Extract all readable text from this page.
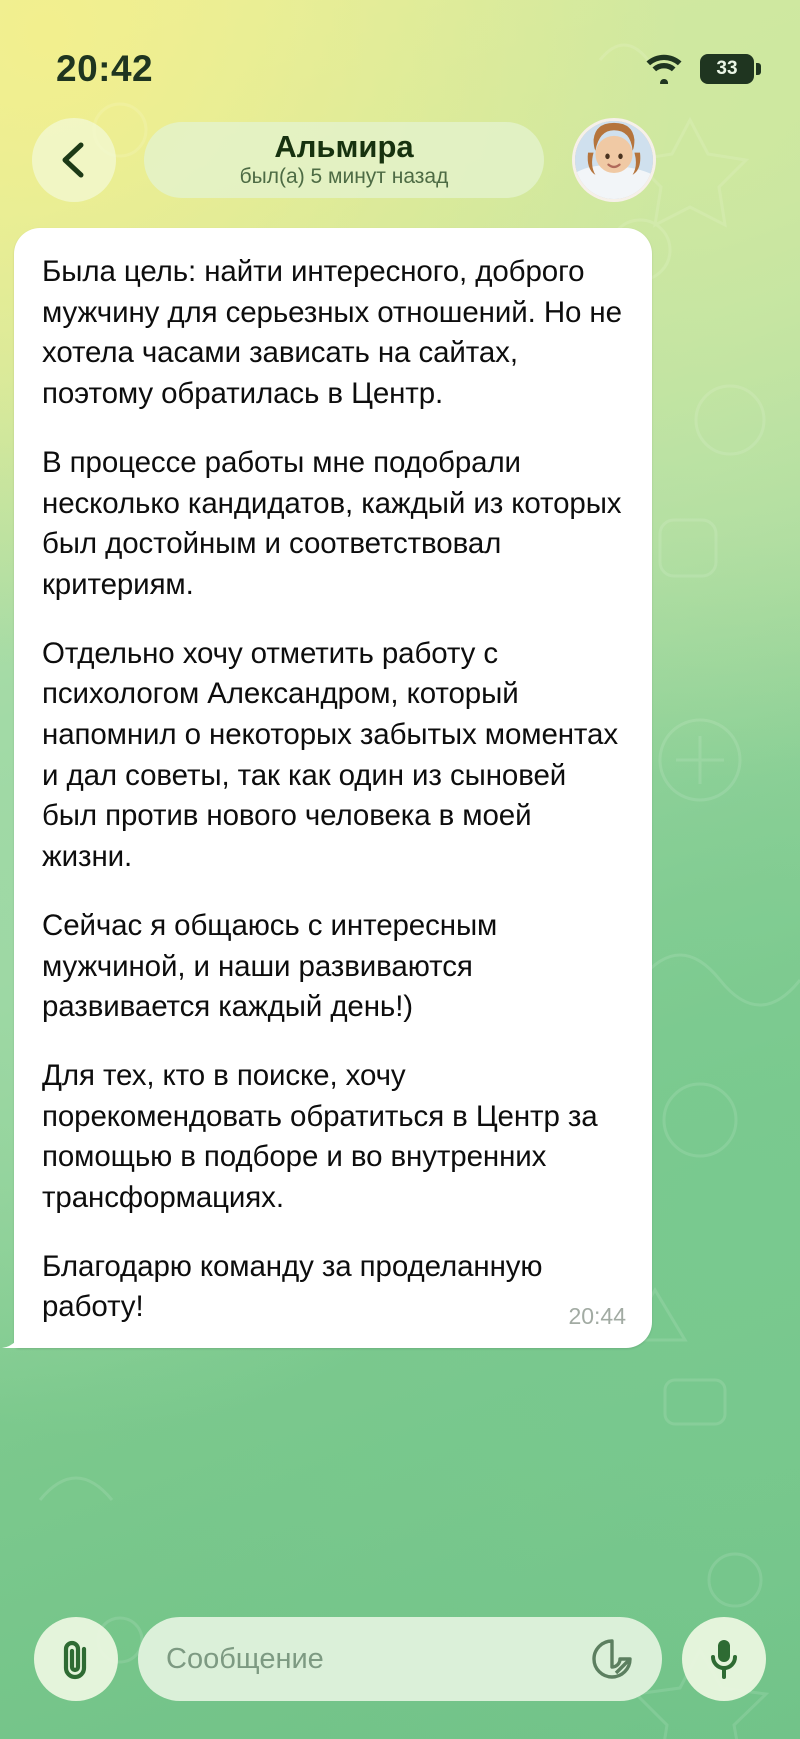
20:42	33
Альмира
был(а) 5 минут назад

Была цель: найти интересного, доброго мужчину для серьезных отношений. Но не хотела часами зависать на сайтах, поэтому обратилась в Центр.

В процессе работы мне подобрали несколько кандидатов, каждый из которых был достойным и соответствовал критериям.

Отдельно хочу отметить работу с психологом Александром, который напомнил о некоторых забытых моментах и дал советы, так как один из сыновей был против нового человека в моей жизни.

Сейчас я общаюсь с интересным мужчиной, и наши развиваются развивается каждый день!)

Для тех, кто в поиске, хочу порекомендовать обратиться в Центр за помощью в подборе и во внутренних трансформациях.

Благодарю команду за проделанную работу!	20:44
Сообщение
